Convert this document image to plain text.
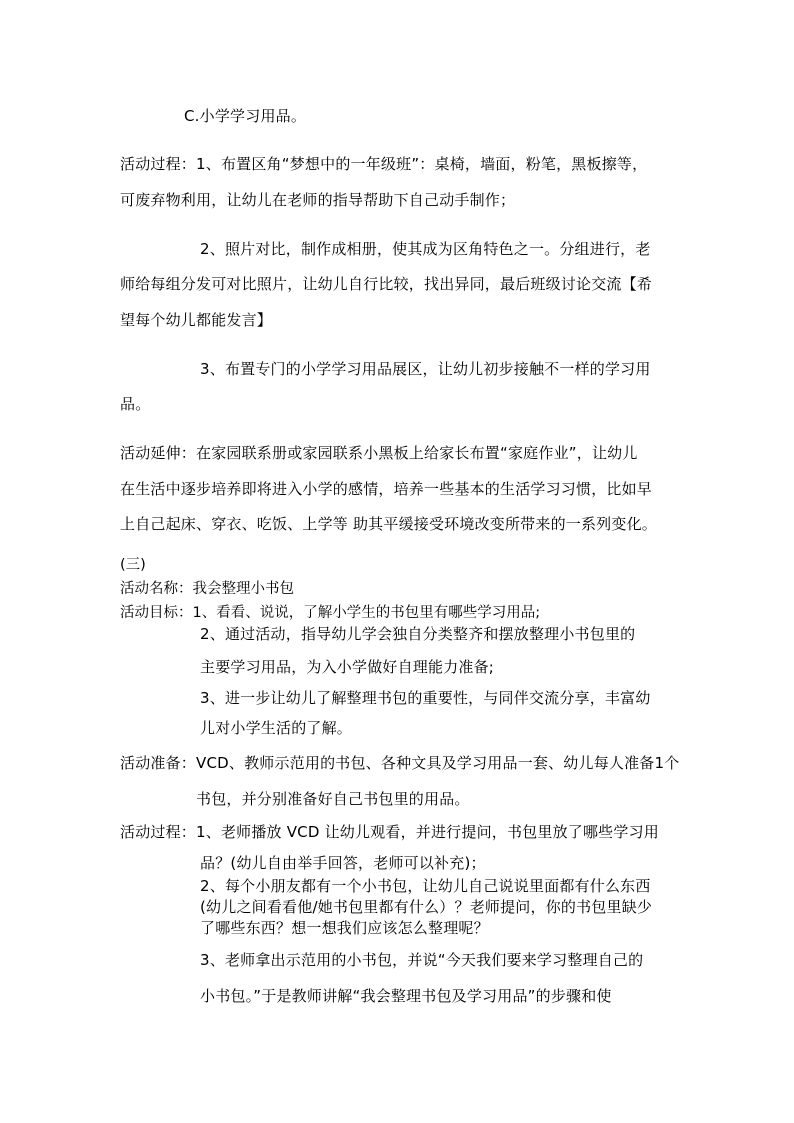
C.小学学习用品。
活动过程：1、布置区角“梦想中的一年级班”：桌椅，墙面，粉笔，黑板擦等，
可废弃物利用，让幼儿在老师的指导帮助下自己动手制作；
2、照片对比，制作成相册，使其成为区角特色之一。分组进行，老
师给每组分发可对比照片，让幼儿自行比较，找出异同，最后班级讨论交流【希
望每个幼儿都能发言】
3、布置专门的小学学习用品展区，让幼儿初步接触不一样的学习用
品。
活动延伸：在家园联系册或家园联系小黑板上给家长布置“家庭作业”，让幼儿
在生活中逐步培养即将进入小学的感情，培养一些基本的生活学习习惯，比如早
上自己起床、穿衣、吃饭、上学等 助其平缓接受环境改变所带来的一系列变化。
(三)
活动名称：我会整理小书包
活动目标：1、看看、说说，了解小学生的书包里有哪些学习用品;
2、通过活动，指导幼儿学会独自分类整齐和摆放整理小书包里的
主要学习用品，为入小学做好自理能力准备;
3、进一步让幼儿了解整理书包的重要性，与同伴交流分享，丰富幼
儿对小学生活的了解。
活动准备：VCD、教师示范用的书包、各种文具及学习用品一套、幼儿每人准备1个
书包，并分别准备好自己书包里的用品。
活动过程：1、老师播放 VCD 让幼儿观看，并进行提问，书包里放了哪些学习用
品？(幼儿自由举手回答，老师可以补充)；
2、每个小朋友都有一个小书包，让幼儿自己说说里面都有什么东西
(幼儿之间看看他/她书包里都有什么）？老师提问，你的书包里缺少
了哪些东西？想一想我们应该怎么整理呢？
3、老师拿出示范用的小书包，并说“今天我们要来学习整理自己的
小书包。”于是教师讲解“我会整理书包及学习用品”的步骤和使
